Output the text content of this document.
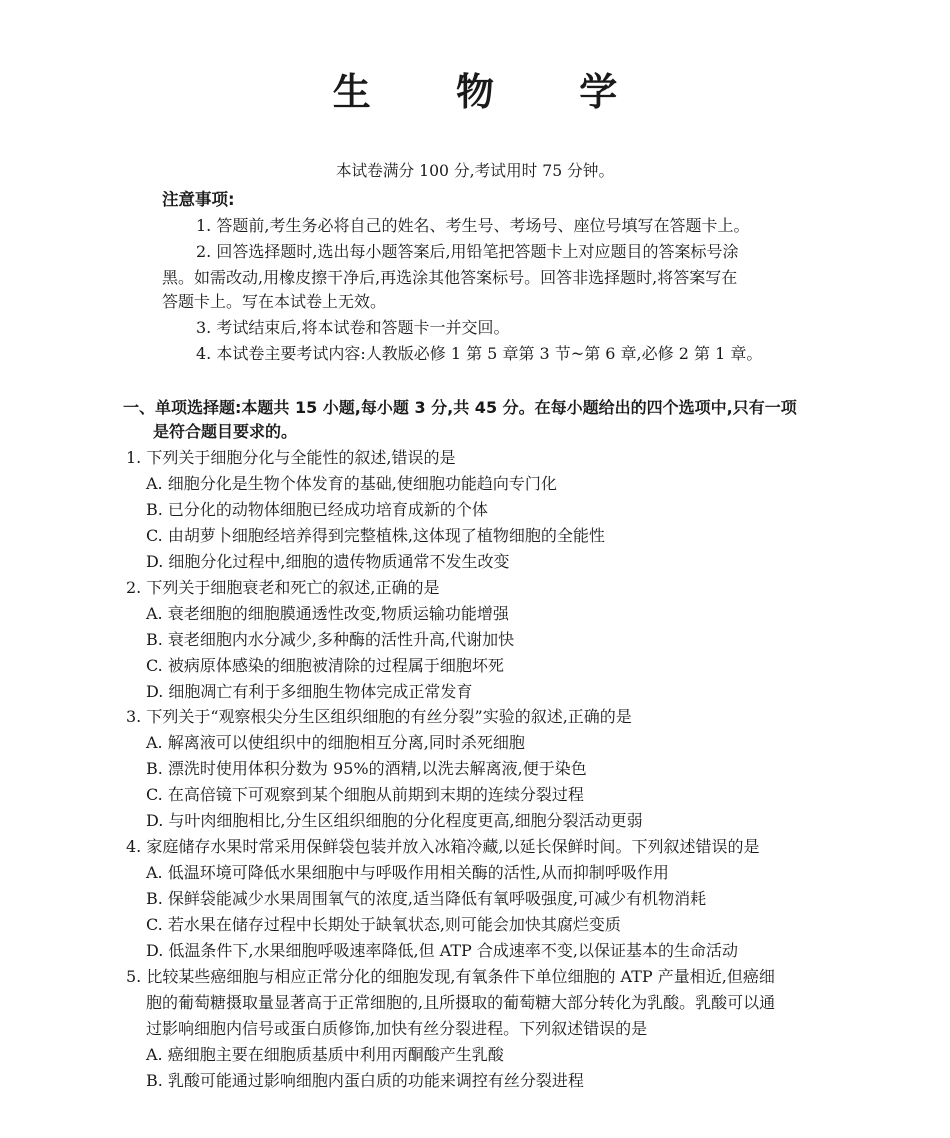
生 物 学
本试卷满分 100 分,考试用时 75 分钟。
注意事项:
1. 答题前,考生务必将自己的姓名、考生号、考场号、座位号填写在答题卡上。
2. 回答选择题时,选出每小题答案后,用铅笔把答题卡上对应题目的答案标号涂
黑。如需改动,用橡皮擦干净后,再选涂其他答案标号。回答非选择题时,将答案写在
答题卡上。写在本试卷上无效。
3. 考试结束后,将本试卷和答题卡一并交回。
4. 本试卷主要考试内容:人教版必修 1 第 5 章第 3 节~第 6 章,必修 2 第 1 章。
一、单项选择题:本题共 15 小题,每小题 3 分,共 45 分。在每小题给出的四个选项中,只有一项
是符合题目要求的。
1. 下列关于细胞分化与全能性的叙述,错误的是
A. 细胞分化是生物个体发育的基础,使细胞功能趋向专门化
B. 已分化的动物体细胞已经成功培育成新的个体
C. 由胡萝卜细胞经培养得到完整植株,这体现了植物细胞的全能性
D. 细胞分化过程中,细胞的遗传物质通常不发生改变
2. 下列关于细胞衰老和死亡的叙述,正确的是
A. 衰老细胞的细胞膜通透性改变,物质运输功能增强
B. 衰老细胞内水分减少,多种酶的活性升高,代谢加快
C. 被病原体感染的细胞被清除的过程属于细胞坏死
D. 细胞凋亡有利于多细胞生物体完成正常发育
3. 下列关于“观察根尖分生区组织细胞的有丝分裂”实验的叙述,正确的是
A. 解离液可以使组织中的细胞相互分离,同时杀死细胞
B. 漂洗时使用体积分数为 95%的酒精,以洗去解离液,便于染色
C. 在高倍镜下可观察到某个细胞从前期到末期的连续分裂过程
D. 与叶肉细胞相比,分生区组织细胞的分化程度更高,细胞分裂活动更弱
4. 家庭储存水果时常采用保鲜袋包装并放入冰箱冷藏,以延长保鲜时间。下列叙述错误的是
A. 低温环境可降低水果细胞中与呼吸作用相关酶的活性,从而抑制呼吸作用
B. 保鲜袋能减少水果周围氧气的浓度,适当降低有氧呼吸强度,可减少有机物消耗
C. 若水果在储存过程中长期处于缺氧状态,则可能会加快其腐烂变质
D. 低温条件下,水果细胞呼吸速率降低,但 ATP 合成速率不变,以保证基本的生命活动
5. 比较某些癌细胞与相应正常分化的细胞发现,有氧条件下单位细胞的 ATP 产量相近,但癌细
胞的葡萄糖摄取量显著高于正常细胞的,且所摄取的葡萄糖大部分转化为乳酸。乳酸可以通
过影响细胞内信号或蛋白质修饰,加快有丝分裂进程。下列叙述错误的是
A. 癌细胞主要在细胞质基质中利用丙酮酸产生乳酸
B. 乳酸可能通过影响细胞内蛋白质的功能来调控有丝分裂进程
